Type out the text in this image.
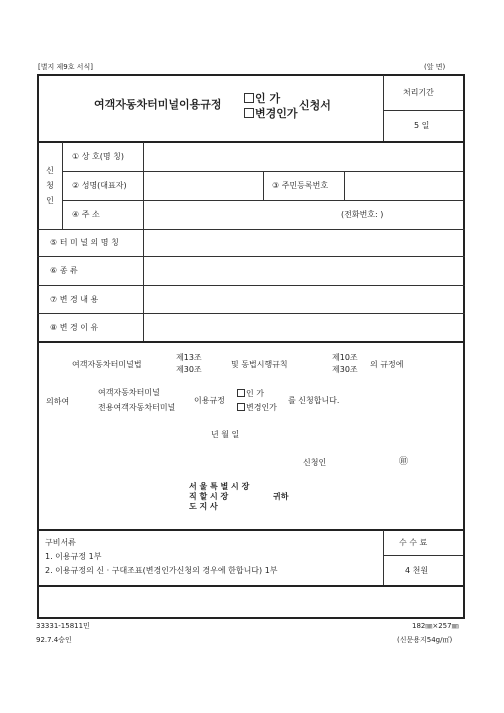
[별지 제9호 서식]	(앞 면)
여객자동차터미널이용규정	인 가
변경인가
신청서
처리기간
5 일
신청인
① 상 호(명 칭)
② 성명(대표자)	③ 주민등록번호
④ 주 소	(전화번호: )
⑤ 터 미 널 의 명 칭
⑥ 종 류
⑦ 변 경 내 용
⑧ 변 경 이 유
여객자동차터미널법
제13조
제30조
및 동법시행규칙
제10조
제30조
의 규정에
의하여
여객자동차터미널
전용여객자동차터미널
이용규정
인 가
변경인가
를 신청합니다.
년 월 일
신청인	㊞
서 울 특 별 시 장
직 할 시 장
도 지 사
귀하
구비서류
1. 이용규정 1부
2. 이용규정의 신 · 구대조표(변경인가신청의 경우에 한합니다) 1부
수 수 료
4 천원
33331-15811민
92.7.4승인
182㎜×257㎜
(신문용지54g/㎡)
